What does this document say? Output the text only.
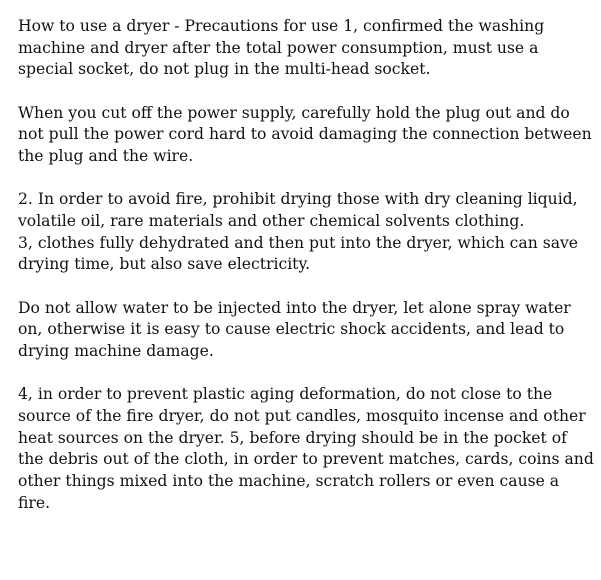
How to use a dryer - Precautions for use 1, confirmed the washing machine and dryer after the total power consumption, must use a special socket, do not plug in the multi-head socket.

When you cut off the power supply, carefully hold the plug out and do not pull the power cord hard to avoid damaging the connection between the plug and the wire.

2. In order to avoid fire, prohibit drying those with dry cleaning liquid, volatile oil, rare materials and other chemical solvents clothing.

3, clothes fully dehydrated and then put into the dryer, which can save drying time, but also save electricity.

Do not allow water to be injected into the dryer, let alone spray water on, otherwise it is easy to cause electric shock accidents, and lead to drying machine damage.

4, in order to prevent plastic aging deformation, do not close to the source of the fire dryer, do not put candles, mosquito incense and other heat sources on the dryer. 5, before drying should be in the pocket of the debris out of the cloth, in order to prevent matches, cards, coins and other things mixed into the machine, scratch rollers or even cause a fire.
